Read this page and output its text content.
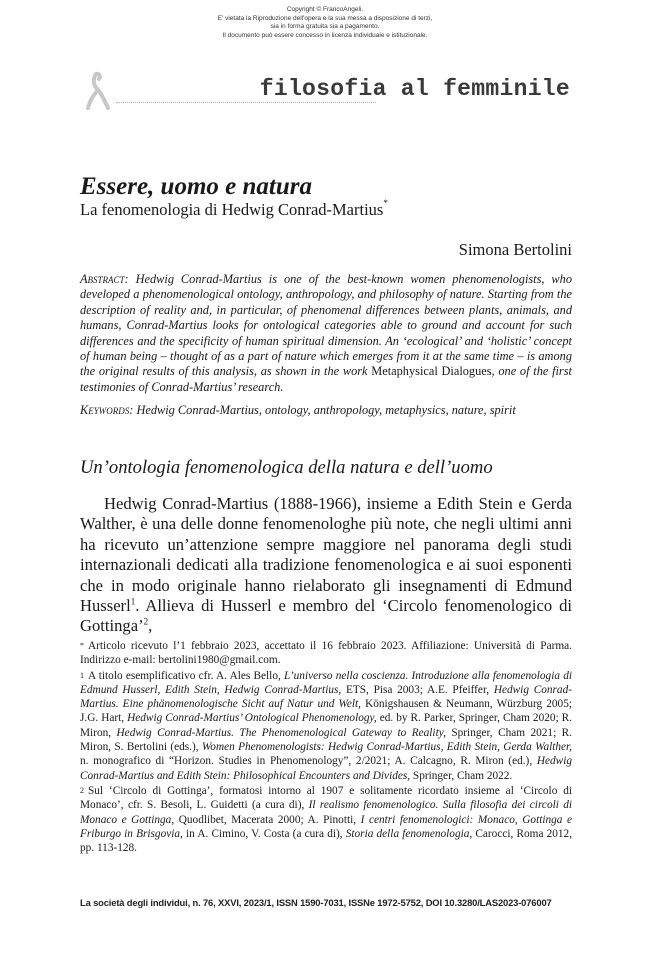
Copyright © FrancoAngeli.
E' vietata la Riproduzione dell'opera e la sua messa a disposizione di terzi,
sia in forma gratuita sia a pagamento.
Il documento può essere concesso in licenza individuale e istituzionale.
filosofia al femminile
Essere, uomo e natura
La fenomenologia di Hedwig Conrad-Martius*
Simona Bertolini
Abstract: Hedwig Conrad-Martius is one of the best-known women phenomenologists, who developed a phenomenological ontology, anthropology, and philosophy of nature. Starting from the description of reality and, in particular, of phenomenal differences between plants, animals, and humans, Conrad-Martius looks for ontological categories able to ground and account for such differences and the specificity of human spiritual dimension. An ‘ecological’ and ‘holistic’ concept of human being – thought of as a part of nature which emerges from it at the same time – is among the original results of this analysis, as shown in the work Metaphysical Dialogues, one of the first testimonies of Conrad-Martius’ research.
Keywords: Hedwig Conrad-Martius, ontology, anthropology, metaphysics, nature, spirit
Un’ontologia fenomenologica della natura e dell’uomo

Hedwig Conrad-Martius (1888-1966), insieme a Edith Stein e Gerda Walther, è una delle donne fenomenologhe più note, che negli ultimi anni ha ricevuto un’attenzione sempre maggiore nel panorama degli studi internazionali dedicati alla tradizione fenomenologica e ai suoi esponenti che in modo originale hanno rielaborato gli insegnamenti di Edmund Husserl$^1$. Allieva di Husserl e membro del ‘Circolo fenomenologico di Gottinga’$^2$,

* Articolo ricevuto l’1 febbraio 2023, accettato il 16 febbraio 2023. Affiliazione: Università di Parma. Indirizzo e-mail: bertolini1980@gmail.com.

$^1$ A titolo esemplificativo cfr. A. Ales Bello, L’universo nella coscienza. Introduzione alla fenomenologia di Edmund Husserl, Edith Stein, Hedwig Conrad-Martius, ETS, Pisa 2003; A.E. Pfeiffer, Hedwig Conrad-Martius. Eine phänomenologische Sicht auf Natur und Welt, Königshausen & Neumann, Würzburg 2005; J.G. Hart, Hedwig Conrad-Martius’ Ontological Phenomenology, ed. by R. Parker, Springer, Cham 2020; R. Miron, Hedwig Conrad-Martius. The Phenomenological Gateway to Reality, Springer, Cham 2021; R. Miron, S. Bertolini (eds.), Women Phenomenologists: Hedwig Conrad-Martius, Edith Stein, Gerda Walther, n. monografico di “Horizon. Studies in Phenomenology”, 2/2021; A. Calcagno, R. Miron (ed.), Hedwig Conrad-Martius and Edith Stein: Philosophical Encounters and Divides, Springer, Cham 2022.

$^2$ Sul ‘Circolo di Gottinga’, formatosi intorno al 1907 e solitamente ricordato insieme al ‘Circolo di Monaco’, cfr. S. Besoli, L. Guidetti (a cura di), Il realismo fenomenologico. Sulla filosofia dei circoli di Monaco e Gottinga, Quodlibet, Macerata 2000; A. Pinotti, I centri fenomenologici: Monaco, Gottinga e Friburgo in Brisgovia, in A. Cimino, V. Costa (a cura di), Storia della fenomenologia, Carocci, Roma 2012, pp. 113-128.

La società degli individui, n. 76, XXVI, 2023/1, ISSN 1590-7031, ISSNe 1972-5752, DOI 10.3280/LAS2023-076007
